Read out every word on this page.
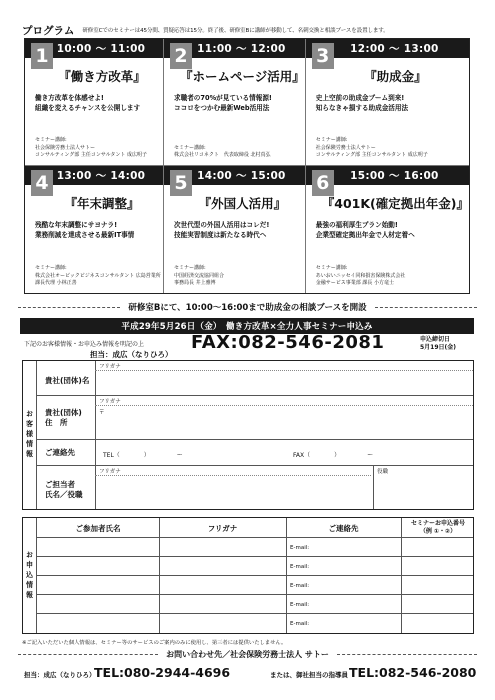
プログラム 研修室Cでのセミナーは45分間、質疑応答は15分。終了後、研修室Bに講師が移動して、名刺交換と相談ブースを設置します。
10:00 ～ 11:00
1
『働き方改革』
働き方改革を体感せよ!
組織を変えるチャンスを公開します
セミナー講師:
社会保険労務士法人サトー
コンサルティング部 主任コンサルタント 成広明子
11:00 ～ 12:00
2
『ホームページ活用』
求職者の70%が見ている情報源!
ココロをつかむ最新Web活用法
セミナー講師:
株式会社リコネクト　代表取締役 北村真弘
12:00 ～ 13:00
3
『助成金』
史上空前の助成金ブーム到来!
知らなきゃ損する助成金活用法
セミナー講師:
社会保険労務士法人サトー
コンサルティング部 主任コンサルタント 成広明子
13:00 ～ 14:00
4
『年末調整』
残酷な年末調整にサヨナラ!
業務削減を達成させる最新IT事情
セミナー講師:
株式会社オービックビジネスコンサルタント 広島営業所
課長代理 小林正善
14:00 ～ 15:00
5
『外国人活用』
次世代型の外国人活用はコレだ!
技能実習制度は新たなる時代へ
セミナー講師:
中国経済交流協同組合
事務局長 井上雅博
15:00 ～ 16:00
6
『401K(確定拠出年金)』
最強の福利厚生プラン始動!
企業型確定拠出年金で人材定着へ
セミナー講師:
あいおいニッセイ同和損害保険株式会社
金融サービス事業部 課長 小方竜士
研修室Bにて、10:00～16:00まで助成金の相談ブースを開設
平成29年5月26日（金）　働き方改革×全力人事セミナー申込み
下記のお客様情報・お申込み情報を明記の上
担当：成広（なりひろ）
FAX:082-546-2081	申込締切日
5月19日(金)
お客様情報
貴社(団体)名
フリガナ
貴社(団体)
住　所
フリガナ
〒
ご連絡先	TEL（　　　　）　　　　　ー	FAX（　　　　）　　　　　ー
ご担当者
氏名／役職
フリガナ	役職
お申込情報
ご参加者氏名	フリガナ	ご連絡先
セミナーお申込番号
（例 ①・②）
E-mail:
E-mail:
E-mail:
E-mail:
E-mail:
※ご記入いただいた個人情報は、セミナー等のサービスのご案内のみに使用し、第三者には提供いたしません。
お問い合わせ先／社会保険労務士法人 サトー
担当：成広（なりひろ）
TEL:080-2944-4696	または、御社担当の指導員 TEL:082-546-2080
